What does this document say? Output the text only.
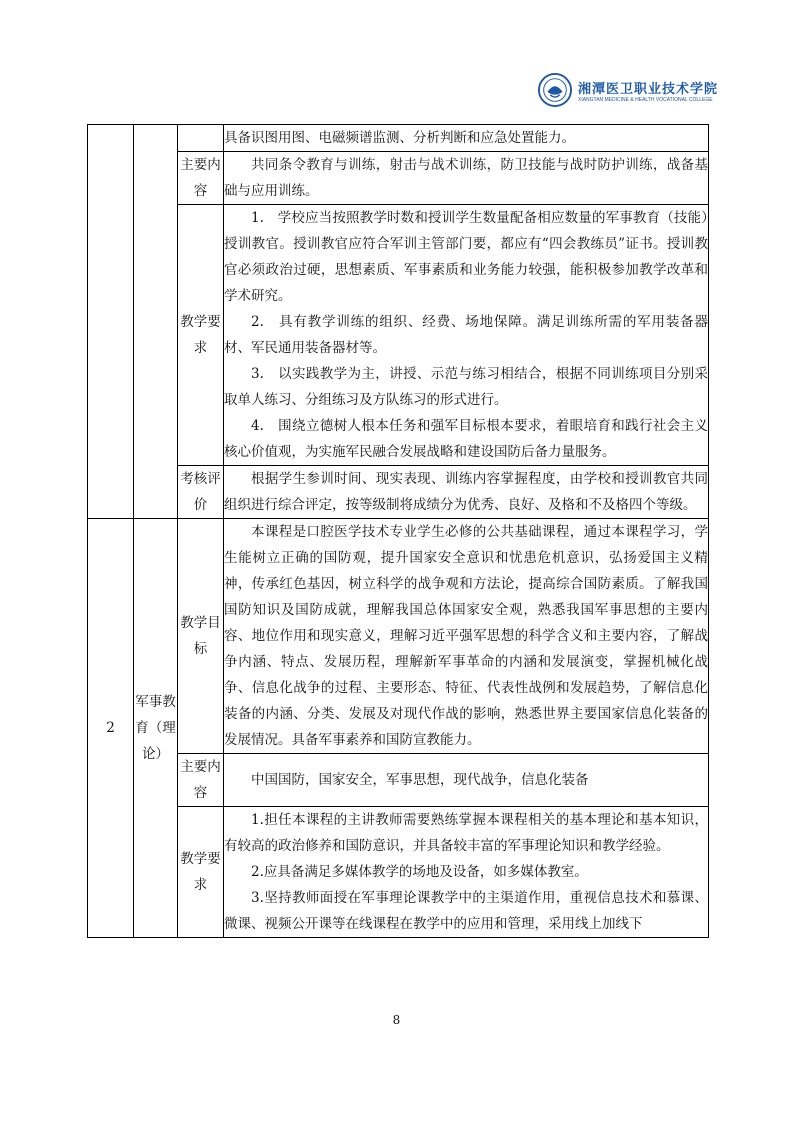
湘潭医卫职业技术学院
XIANGTAN MEDICINE & HEALTH VOCATIONAL COLLEGE

			具备识图用图、电磁频谱监测、分析判断和应急处置能力。

		主要内容	共同条令教育与训练，射击与战术训练，防卫技能与战时防护训练，战备基础与应用训练。

		教学要求	1.　学校应当按照教学时数和授训学生数量配备相应数量的军事教育（技能）授训教官。授训教官应符合军训主管部门要，都应有“四会教练员”证书。授训教官必须政治过硬，思想素质、军事素质和业务能力较强，能积极参加教学改革和学术研究。

2.　具有教学训练的组织、经费、场地保障。满足训练所需的军用装备器材、军民通用装备器材等。

3.　以实践教学为主，讲授、示范与练习相结合，根据不同训练项目分别采取单人练习、分组练习及方队练习的形式进行。

4.　围绕立德树人根本任务和强军目标根本要求，着眼培育和践行社会主义核心价值观，为实施军民融合发展战略和建设国防后备力量服务。

		考核评价	根据学生参训时间、现实表现、训练内容掌握程度，由学校和授训教官共同组织进行综合评定，按等级制将成绩分为优秀、良好、及格和不及格四个等级。

2	军事教育（理论）	教学目标	本课程是口腔医学技术专业学生必修的公共基础课程，通过本课程学习，学生能树立正确的国防观，提升国家安全意识和忧患危机意识，弘扬爱国主义精神，传承红色基因，树立科学的战争观和方法论，提高综合国防素质。了解我国国防知识及国防成就，理解我国总体国家安全观，熟悉我国军事思想的主要内容、地位作用和现实意义，理解习近平强军思想的科学含义和主要内容，了解战争内涵、特点、发展历程，理解新军事革命的内涵和发展演变，掌握机械化战争、信息化战争的过程、主要形态、特征、代表性战例和发展趋势，了解信息化装备的内涵、分类、发展及对现代作战的影响，熟悉世界主要国家信息化装备的发展情况。具备军事素养和国防宣教能力。

		主要内容	中国国防，国家安全，军事思想，现代战争，信息化装备

		教学要求	1.担任本课程的主讲教师需要熟练掌握本课程相关的基本理论和基本知识，有较高的政治修养和国防意识，并具备较丰富的军事理论知识和教学经验。

2.应具备满足多媒体教学的场地及设备，如多媒体教室。

3.坚持教师面授在军事理论课教学中的主渠道作用，重视信息技术和慕课、微课、视频公开课等在线课程在教学中的应用和管理，采用线上加线下

8
